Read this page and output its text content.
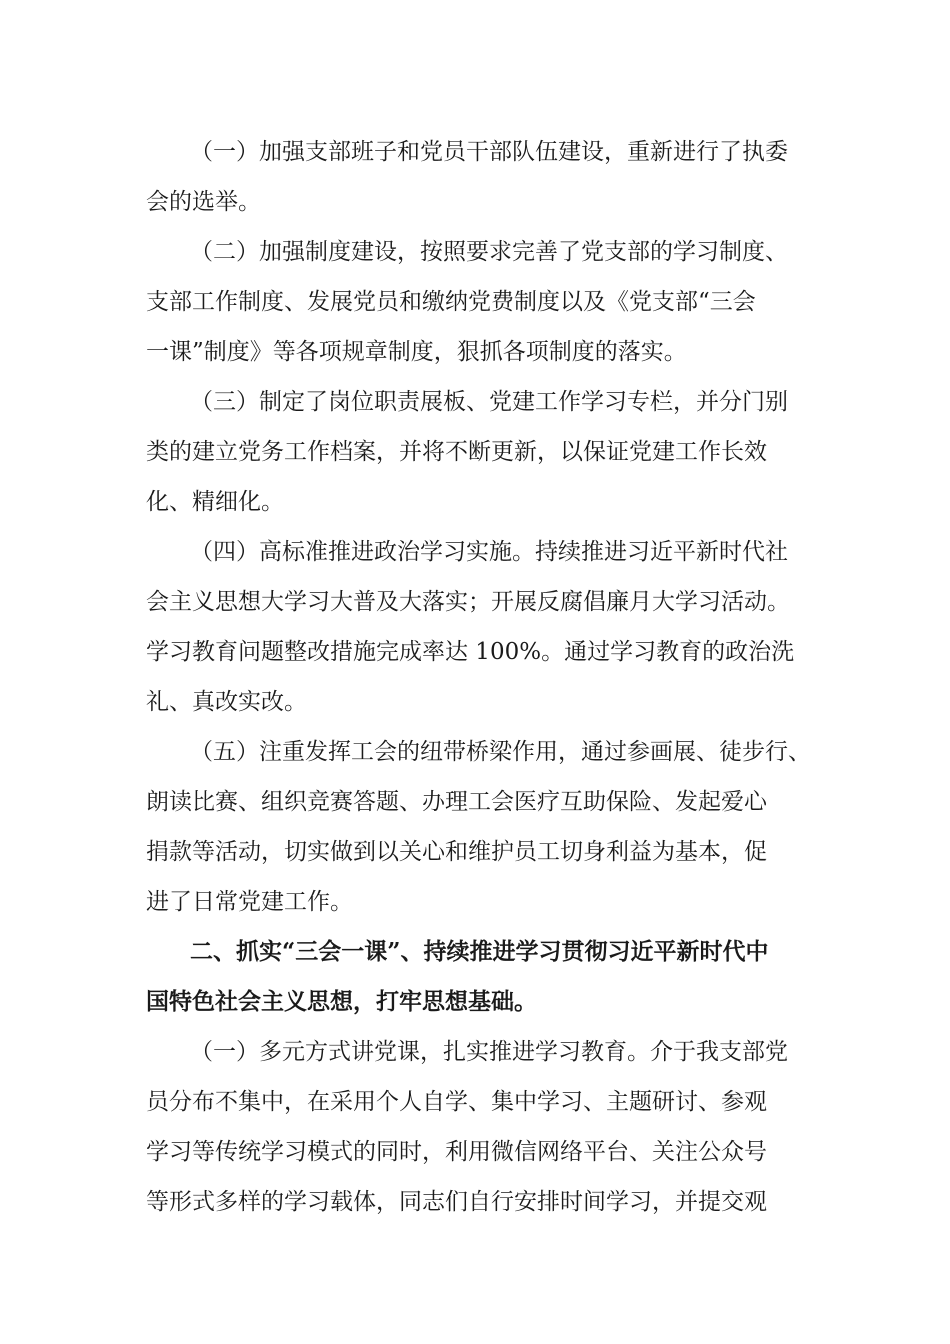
（一）加强支部班子和党员干部队伍建设，重新进行了执委
会的选举。
（二）加强制度建设，按照要求完善了党支部的学习制度、
支部工作制度、发展党员和缴纳党费制度以及《党支部“三会
一课”制度》等各项规章制度，狠抓各项制度的落实。
（三）制定了岗位职责展板、党建工作学习专栏，并分门别
类的建立党务工作档案，并将不断更新，以保证党建工作长效
化、精细化。
（四）高标准推进政治学习实施。持续推进习近平新时代社
会主义思想大学习大普及大落实；开展反腐倡廉月大学习活动。
学习教育问题整改措施完成率达 100%。通过学习教育的政治洗
礼、真改实改。
（五）注重发挥工会的纽带桥梁作用，通过参画展、徒步行、
朗读比赛、组织竞赛答题、办理工会医疗互助保险、发起爱心
捐款等活动，切实做到以关心和维护员工切身利益为基本，促
进了日常党建工作。
二、抓实“三会一课”、持续推进学习贯彻习近平新时代中
国特色社会主义思想，打牢思想基础。
（一）多元方式讲党课，扎实推进学习教育。介于我支部党
员分布不集中，在采用个人自学、集中学习、主题研讨、参观
学习等传统学习模式的同时，利用微信网络平台、关注公众号
等形式多样的学习载体，同志们自行安排时间学习，并提交观
